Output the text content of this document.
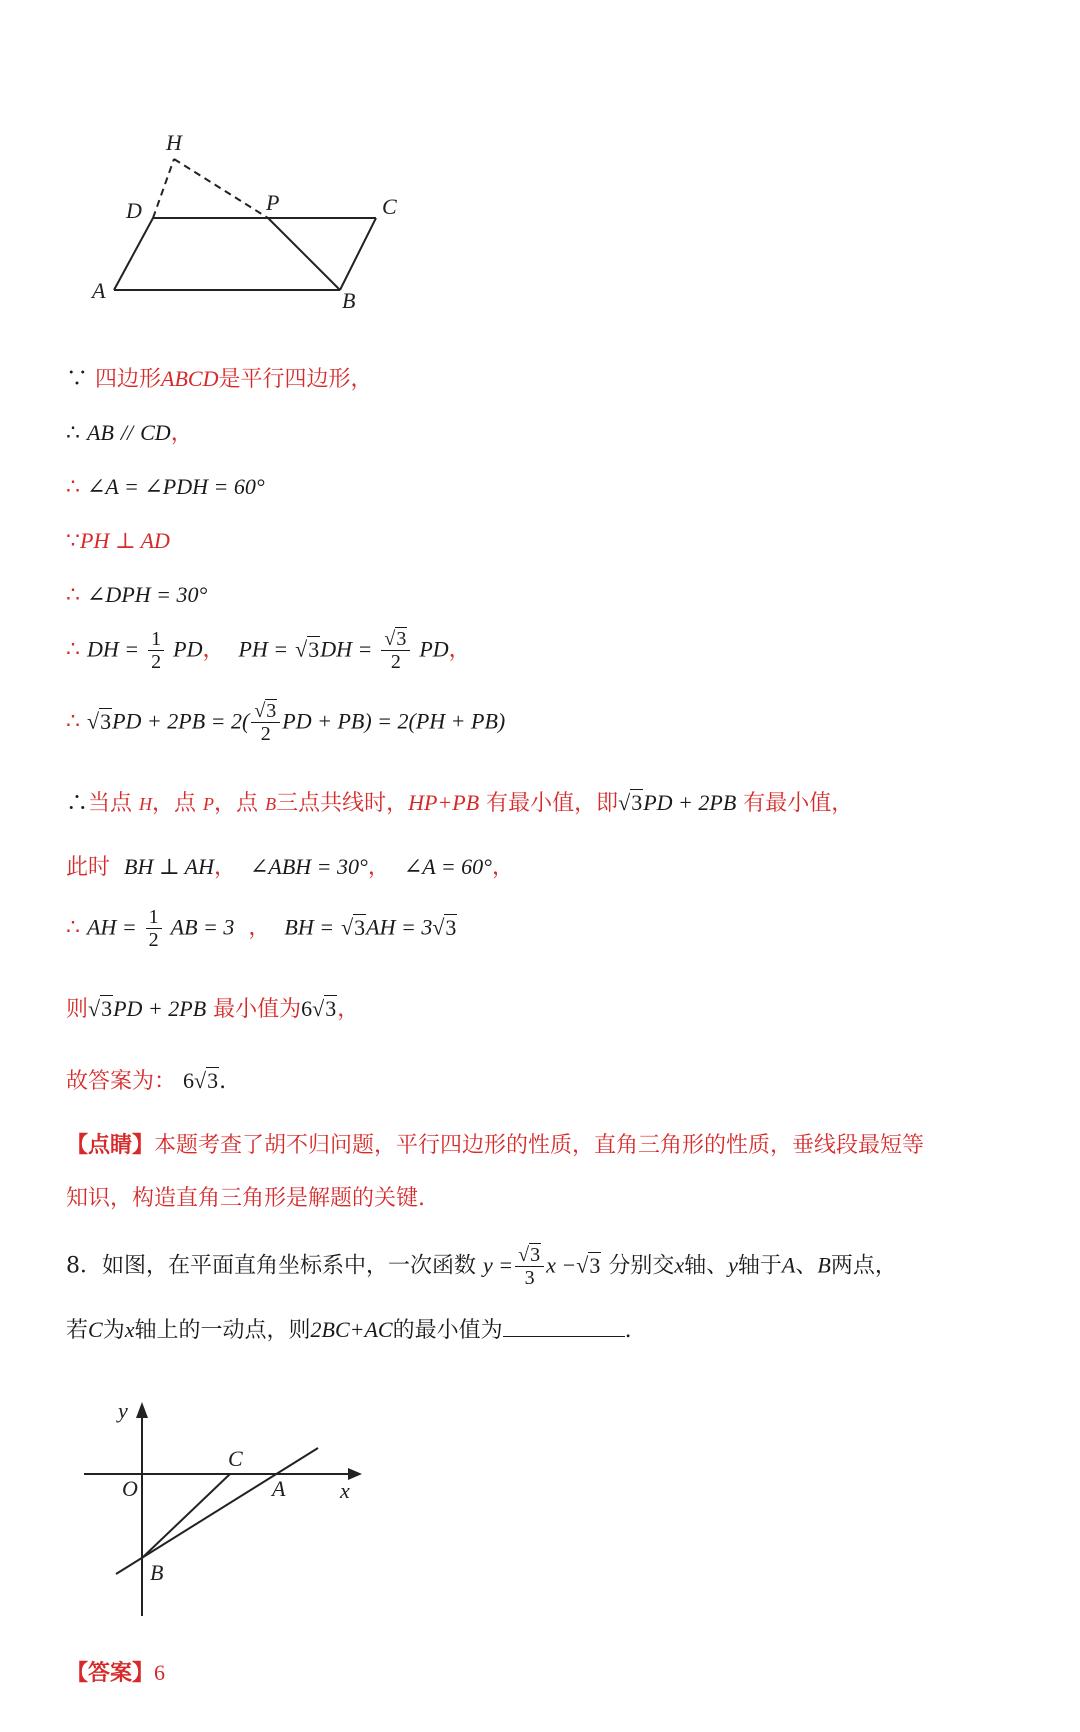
H
D	P	C
A	B
∵ 四边形ABCD是平行四边形，
∴ AB // CD，
∴ ∠A = ∠PDH = 60°
∵PH ⊥ AD
∴ ∠DPH = 30°
∴ DH = $\frac{1}{2}$ PD， PH = $√3DH = \frac{√3}{2}$ PD，
∴ $√3PD + 2PB = 2( \frac{√3}{2}$ PD + PB) = 2(PH + PB)
∴当点 H，点 P，点 B三点共线时，HP+PB 有最小值，即√3PD + 2PB 有最小值，
此时 BH ⊥ AH， ∠ABH = 30°， ∠A = 60°，
∴ AH = $\frac{1}{2}$ AB = 3 ， BH = √3AH = 3√3
则√3PD + 2PB 最小值为6√3，
故答案为： 6√3.
【点睛】本题考查了胡不归问题，平行四边形的性质，直角三角形的性质，垂线段最短等
知识，构造直角三角形是解题的关键.
8．如图，在平面直角坐标系中，一次函数 $y = \frac{√3}{3}$ x −√3 分别交x轴、y轴于A、B两点，
若C为x轴上的一动点，则2BC+AC的最小值为	.
y
x
O	A
B
C
【答案】6
